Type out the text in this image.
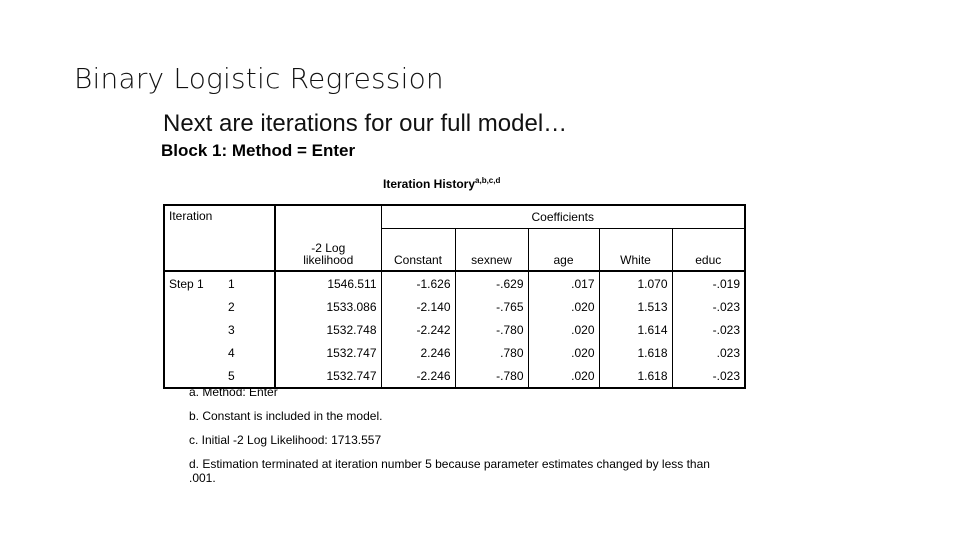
Binary Logistic Regression
Next are iterations for our full model…
Block 1: Method = Enter
Iteration History$^{a,b,c,d}$
Iteration			Coefficients				
		-2 Log
likelihood	Constant	sexnew	age	White	educ
Step 1	1	1546.511	-1.626	-.629	.017	1.070	-.019
	2	1533.086	-2.140	-.765	.020	1.513	-.023
	3	1532.748	-2.242	-.780	.020	1.614	-.023
	4	1532.747	2.246	.780	.020	1.618	.023
	5	1532.747	-2.246	-.780	.020	1.618	-.023
a. Method: Enter
b. Constant is included in the model.
c. Initial -2 Log Likelihood: 1713.557
d. Estimation terminated at iteration number 5 because parameter estimates changed by less than .001.
